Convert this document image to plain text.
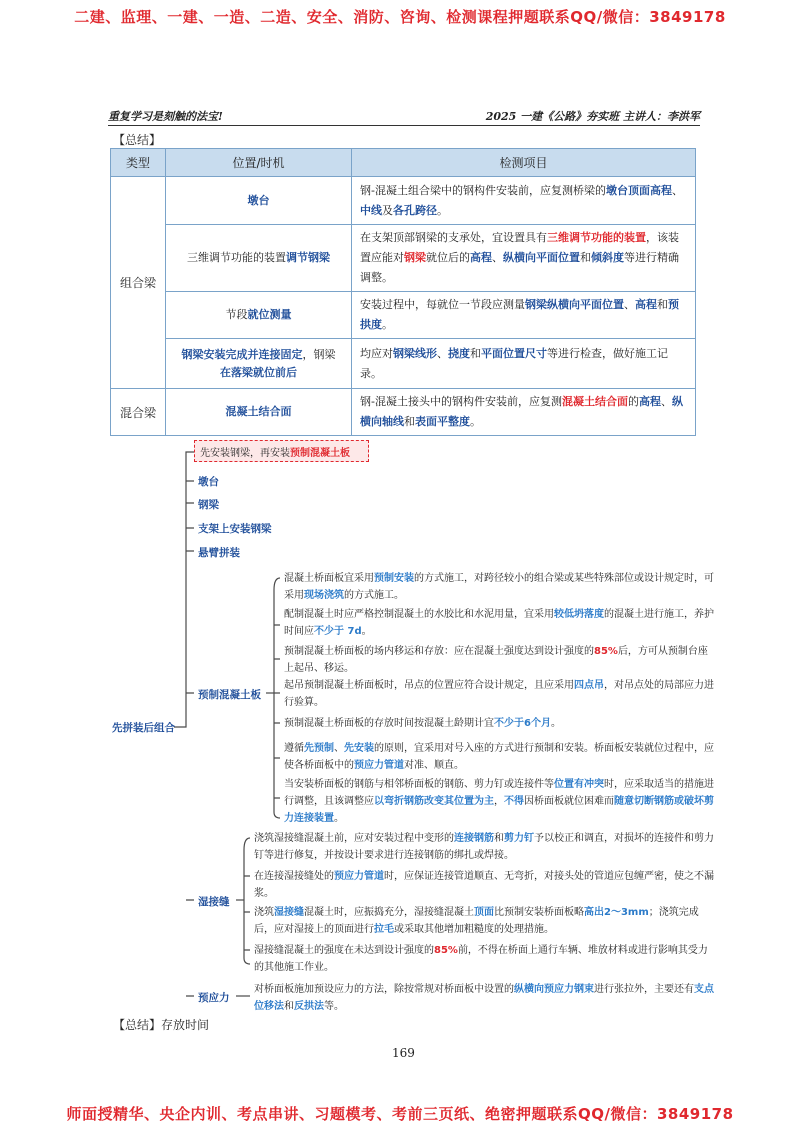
二建、监理、一建、一造、二造、安全、消防、咨询、检测课程押题联系QQ/微信：3849178
重复学习是刻触的法宝!	2025 一建《公路》夯实班 主讲人：李洪军
【总结】
类型	位置/时机	检测项目
组合梁	墩台	钢-混凝土组合梁中的钢构件安装前，应复测桥梁的墩台顶面高程、中线及各孔跨径。
	三维调节功能的装置调节钢梁	在支架顶部钢梁的支承处，宜设置具有三维调节功能的装置，该装置应能对钢梁就位后的高程、纵横向平面位置和倾斜度等进行精确调整。
	节段就位测量	安装过程中，每就位一节段应测量钢梁纵横向平面位置、高程和预拱度。
	钢梁安装完成并连接固定，钢梁
在落梁就位前后	均应对钢梁线形、挠度和平面位置尺寸等进行检查，做好施工记录。
混合梁	混凝土结合面	钢-混凝土接头中的钢构件安装前，应复测混凝土结合面的高程、纵横向轴线和表面平整度。
先拼装后组合
先安装钢梁，再安装预制混凝土板
墩台
钢梁
支架上安装钢梁
悬臂拼装
预制混凝土板
湿接缝
预应力
混凝土桥面板宜采用预制安装的方式施工，对跨径较小的组合梁或某些特殊部位或设计规定时，可采用现场浇筑的方式施工。
配制混凝土时应严格控制混凝土的水胶比和水泥用量，宜采用较低坍落度的混凝土进行施工，养护时间应不少于 7d。
预制混凝土桥面板的场内移运和存放：应在混凝土强度达到设计强度的85%后，方可从预制台座上起吊、移运。
起吊预制混凝土桥面板时，吊点的位置应符合设计规定，且应采用四点吊，对吊点处的局部应力进行验算。
预制混凝土桥面板的存放时间按混凝土龄期计宜不少于6个月。
遵循先预制、先安装的原则，宜采用对号入座的方式进行预制和安装。桥面板安装就位过程中，应使各桥面板中的预应力管道对准、顺直。
当安装桥面板的钢筋与相邻桥面板的钢筋、剪力钉或连接件等位置有冲突时，应采取适当的措施进行调整，且该调整应以弯折钢筋改变其位置为主，不得因桥面板就位困难而随意切断钢筋或破坏剪力连接装置。
浇筑湿接缝混凝土前，应对安装过程中变形的连接钢筋和剪力钉予以校正和调直，对损坏的连接件和剪力钉等进行修复，并按设计要求进行连接钢筋的绑扎或焊接。
在连接湿接缝处的预应力管道时，应保证连接管道顺直、无弯折，对接头处的管道应包缠严密，使之不漏浆。
浇筑湿接缝混凝土时，应振捣充分，湿接缝混凝土顶面比预制安装桥面板略高出2～3mm；浇筑完成后，应对湿接上的顶面进行拉毛或采取其他增加粗糙度的处理措施。
湿接缝混凝土的强度在未达到设计强度的85%前，不得在桥面上通行车辆、堆放材料或进行影响其受力的其他施工作业。
对桥面板施加预设应力的方法，除按常规对桥面板中设置的纵横向预应力钢束进行张拉外，主要还有支点位移法和反拱法等。
【总结】存放时间
169
师面授精华、央企内训、考点串讲、习题模考、考前三页纸、绝密押题联系QQ/微信：3849178
